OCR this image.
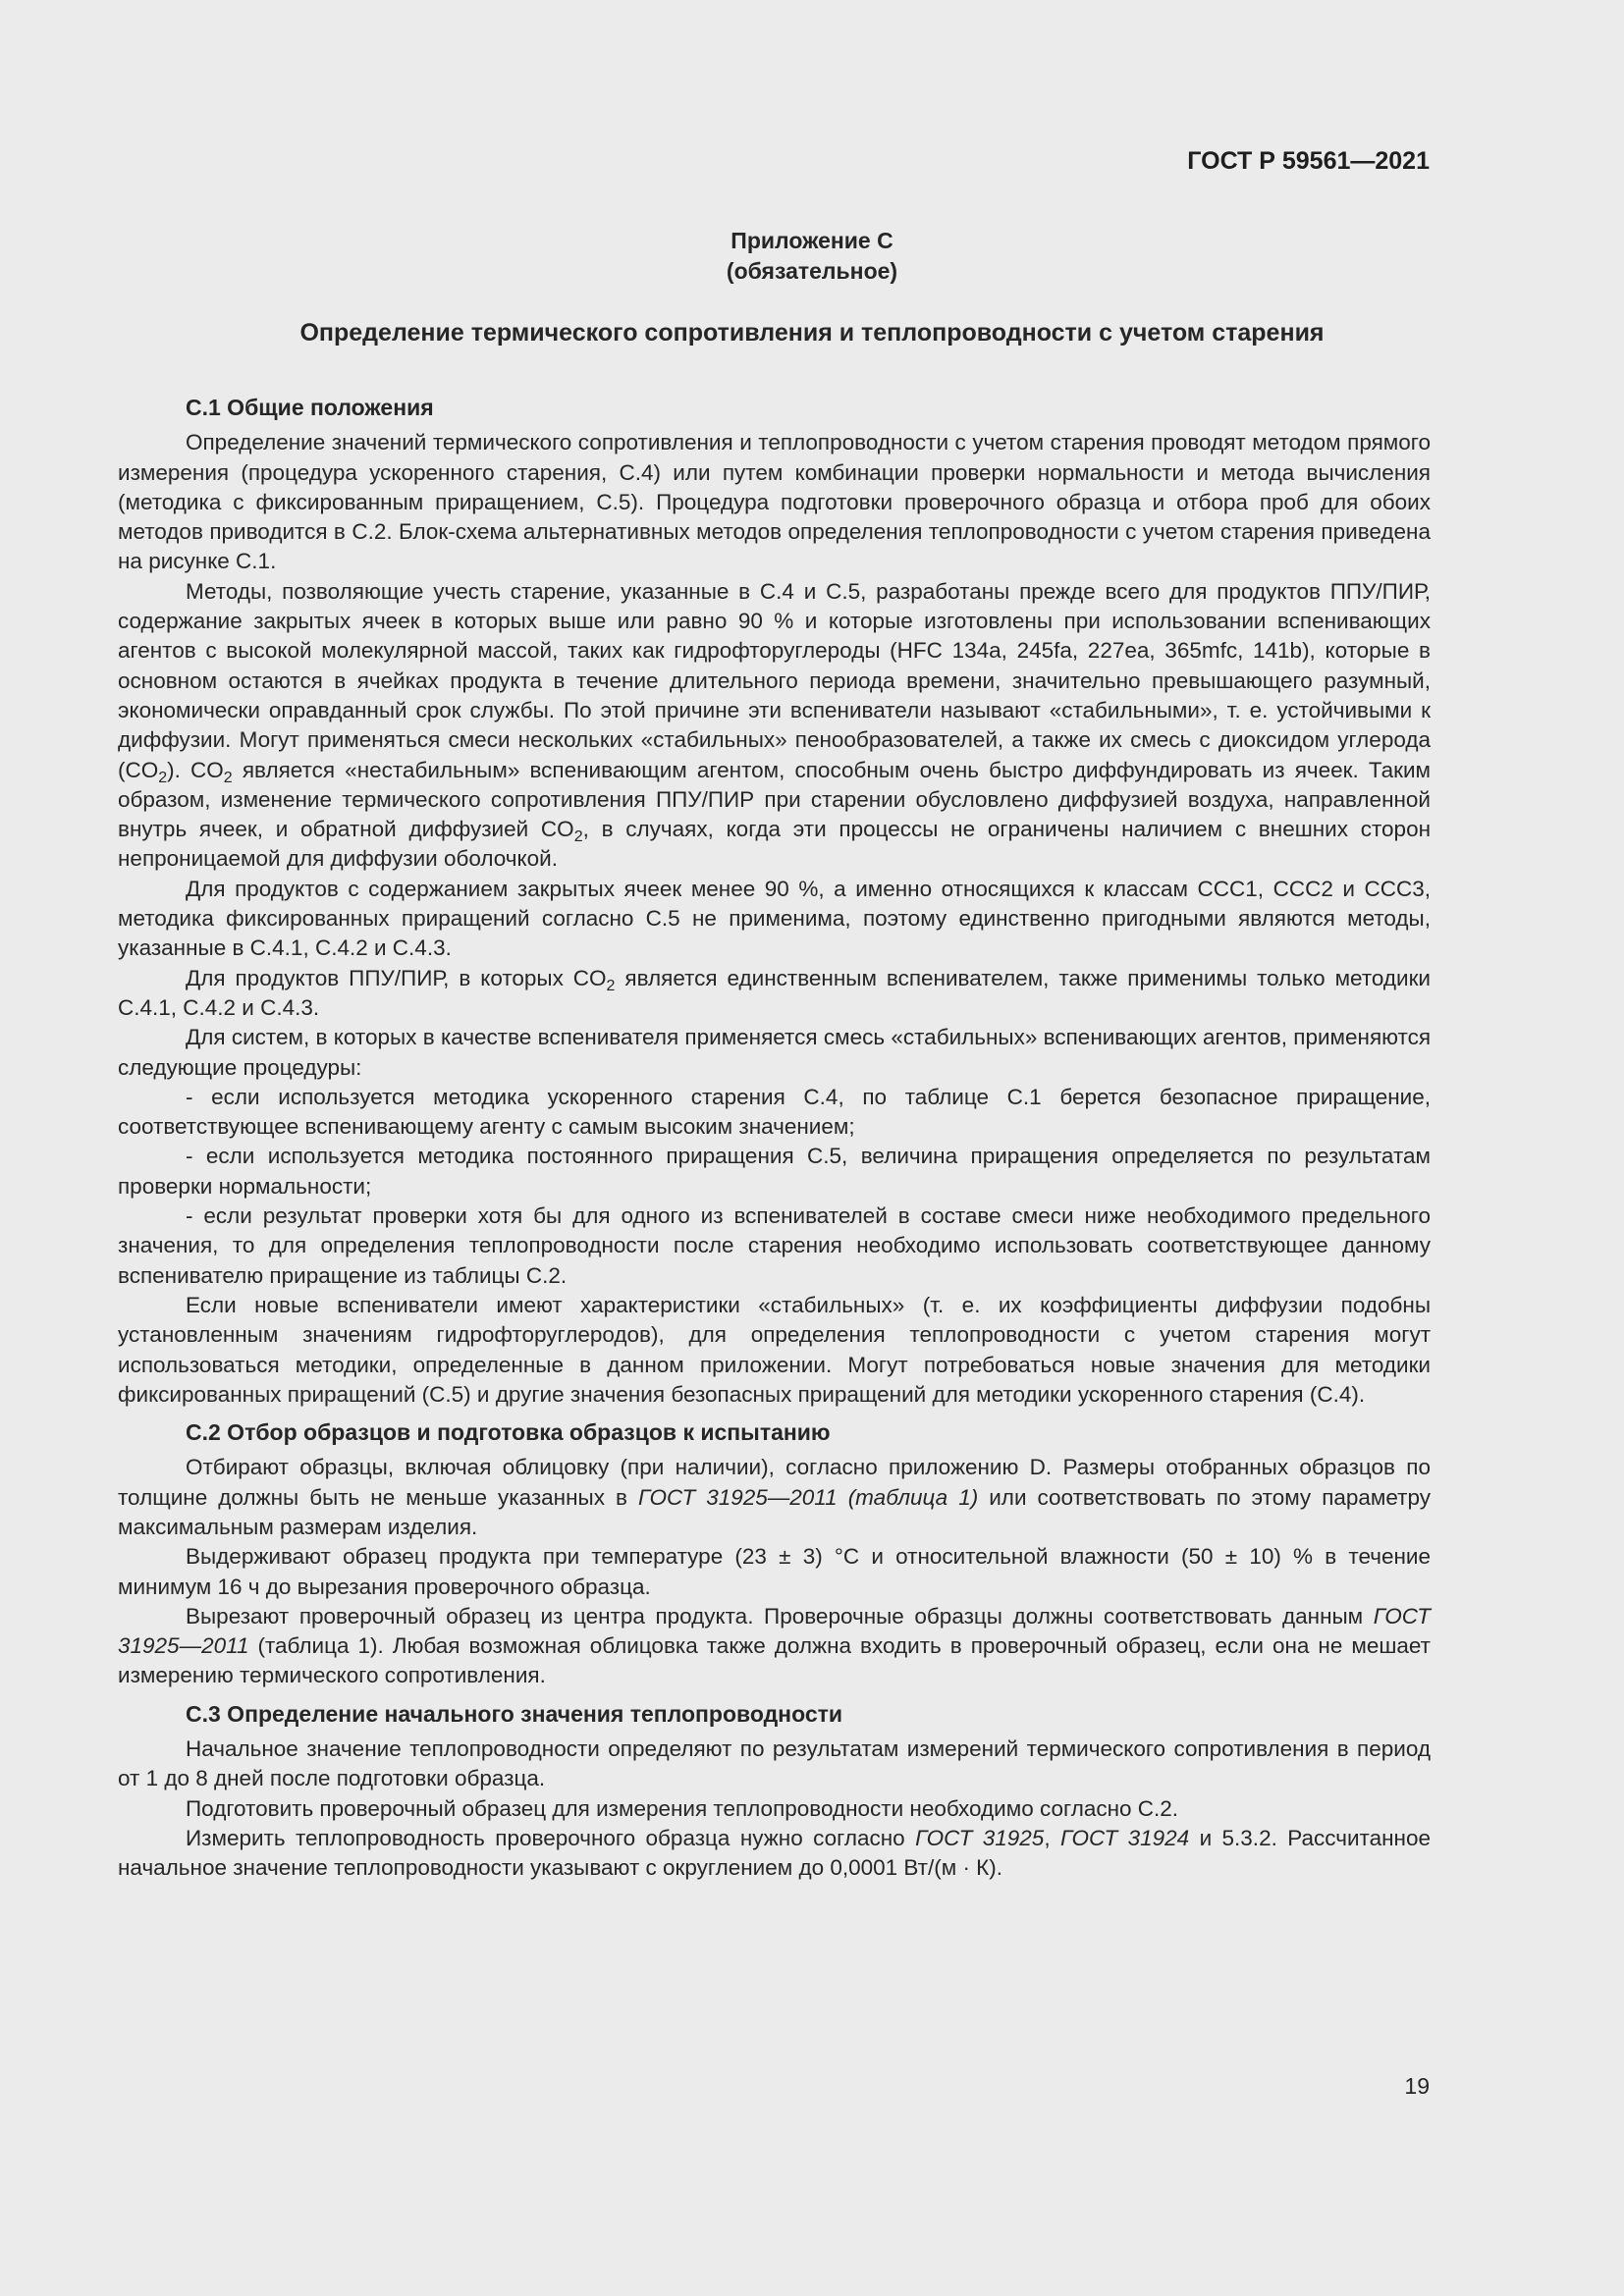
ГОСТ Р 59561—2021
Приложение С
(обязательное)
Определение термического сопротивления и теплопроводности с учетом старения
С.1 Общие положения

Определение значений термического сопротивления и теплопроводности с учетом старения проводят методом прямого измерения (процедура ускоренного старения, С.4) или путем комбинации проверки нормальности и метода вычисления (методика с фиксированным приращением, С.5). Процедура подготовки проверочного образца и отбора проб для обоих методов приводится в С.2. Блок-схема альтернативных методов определения теплопроводности с учетом старения приведена на рисунке С.1.

Методы, позволяющие учесть старение, указанные в С.4 и С.5, разработаны прежде всего для продуктов ППУ/ПИР, содержание закрытых ячеек в которых выше или равно 90 % и которые изготовлены при использовании вспенивающих агентов с высокой молекулярной массой, таких как гидрофторуглероды (HFC 134a, 245fa, 227ea, 365mfc, 141b), которые в основном остаются в ячейках продукта в течение длительного периода времени, значительно превышающего разумный, экономически оправданный срок службы. По этой причине эти вспениватели называют «стабильными», т. е. устойчивыми к диффузии. Могут применяться смеси нескольких «стабильных» пенообразователей, а также их смесь с диоксидом углерода $(CO_2)$. $CO_2$ является «нестабильным» вспенивающим агентом, способным очень быстро диффундировать из ячеек. Таким образом, изменение термического сопротивления ППУ/ПИР при старении обусловлено диффузией воздуха, направленной внутрь ячеек, и обратной диффузией $CO_2$, в случаях, когда эти процессы не ограничены наличием с внешних сторон непроницаемой для диффузии оболочкой.

Для продуктов с содержанием закрытых ячеек менее 90 %, а именно относящихся к классам ССС1, ССС2 и ССС3, методика фиксированных приращений согласно С.5 не применима, поэтому единственно пригодными являются методы, указанные в С.4.1, С.4.2 и С.4.3.

Для продуктов ППУ/ПИР, в которых $CO_2$ является единственным вспенивателем, также применимы только методики С.4.1, С.4.2 и С.4.3.

Для систем, в которых в качестве вспенивателя применяется смесь «стабильных» вспенивающих агентов, применяются следующие процедуры:

- если используется методика ускоренного старения С.4, по таблице С.1 берется безопасное приращение, соответствующее вспенивающему агенту с самым высоким значением;

- если используется методика постоянного приращения С.5, величина приращения определяется по результатам проверки нормальности;

- если результат проверки хотя бы для одного из вспенивателей в составе смеси ниже необходимого предельного значения, то для определения теплопроводности после старения необходимо использовать соответствующее данному вспенивателю приращение из таблицы С.2.

Если новые вспениватели имеют характеристики «стабильных» (т. е. их коэффициенты диффузии подобны установленным значениям гидрофторуглеродов), для определения теплопроводности с учетом старения могут использоваться методики, определенные в данном приложении. Могут потребоваться новые значения для методики фиксированных приращений (С.5) и другие значения безопасных приращений для методики ускоренного старения (С.4).

С.2 Отбор образцов и подготовка образцов к испытанию

Отбирают образцы, включая облицовку (при наличии), согласно приложению D. Размеры отобранных образцов по толщине должны быть не меньше указанных в ГОСТ 31925—2011 (таблица 1) или соответствовать по этому параметру максимальным размерам изделия.

Выдерживают образец продукта при температуре (23 ± 3) °С и относительной влажности (50 ± 10) % в течение минимум 16 ч до вырезания проверочного образца.

Вырезают проверочный образец из центра продукта. Проверочные образцы должны соответствовать данным ГОСТ 31925—2011 (таблица 1). Любая возможная облицовка также должна входить в проверочный образец, если она не мешает измерению термического сопротивления.

С.3 Определение начального значения теплопроводности

Начальное значение теплопроводности определяют по результатам измерений термического сопротивления в период от 1 до 8 дней после подготовки образца.

Подготовить проверочный образец для измерения теплопроводности необходимо согласно С.2.

Измерить теплопроводность проверочного образца нужно согласно ГОСТ 31925, ГОСТ 31924 и 5.3.2. Рассчитанное начальное значение теплопроводности указывают с округлением до 0,0001 Вт/(м · К).

19
